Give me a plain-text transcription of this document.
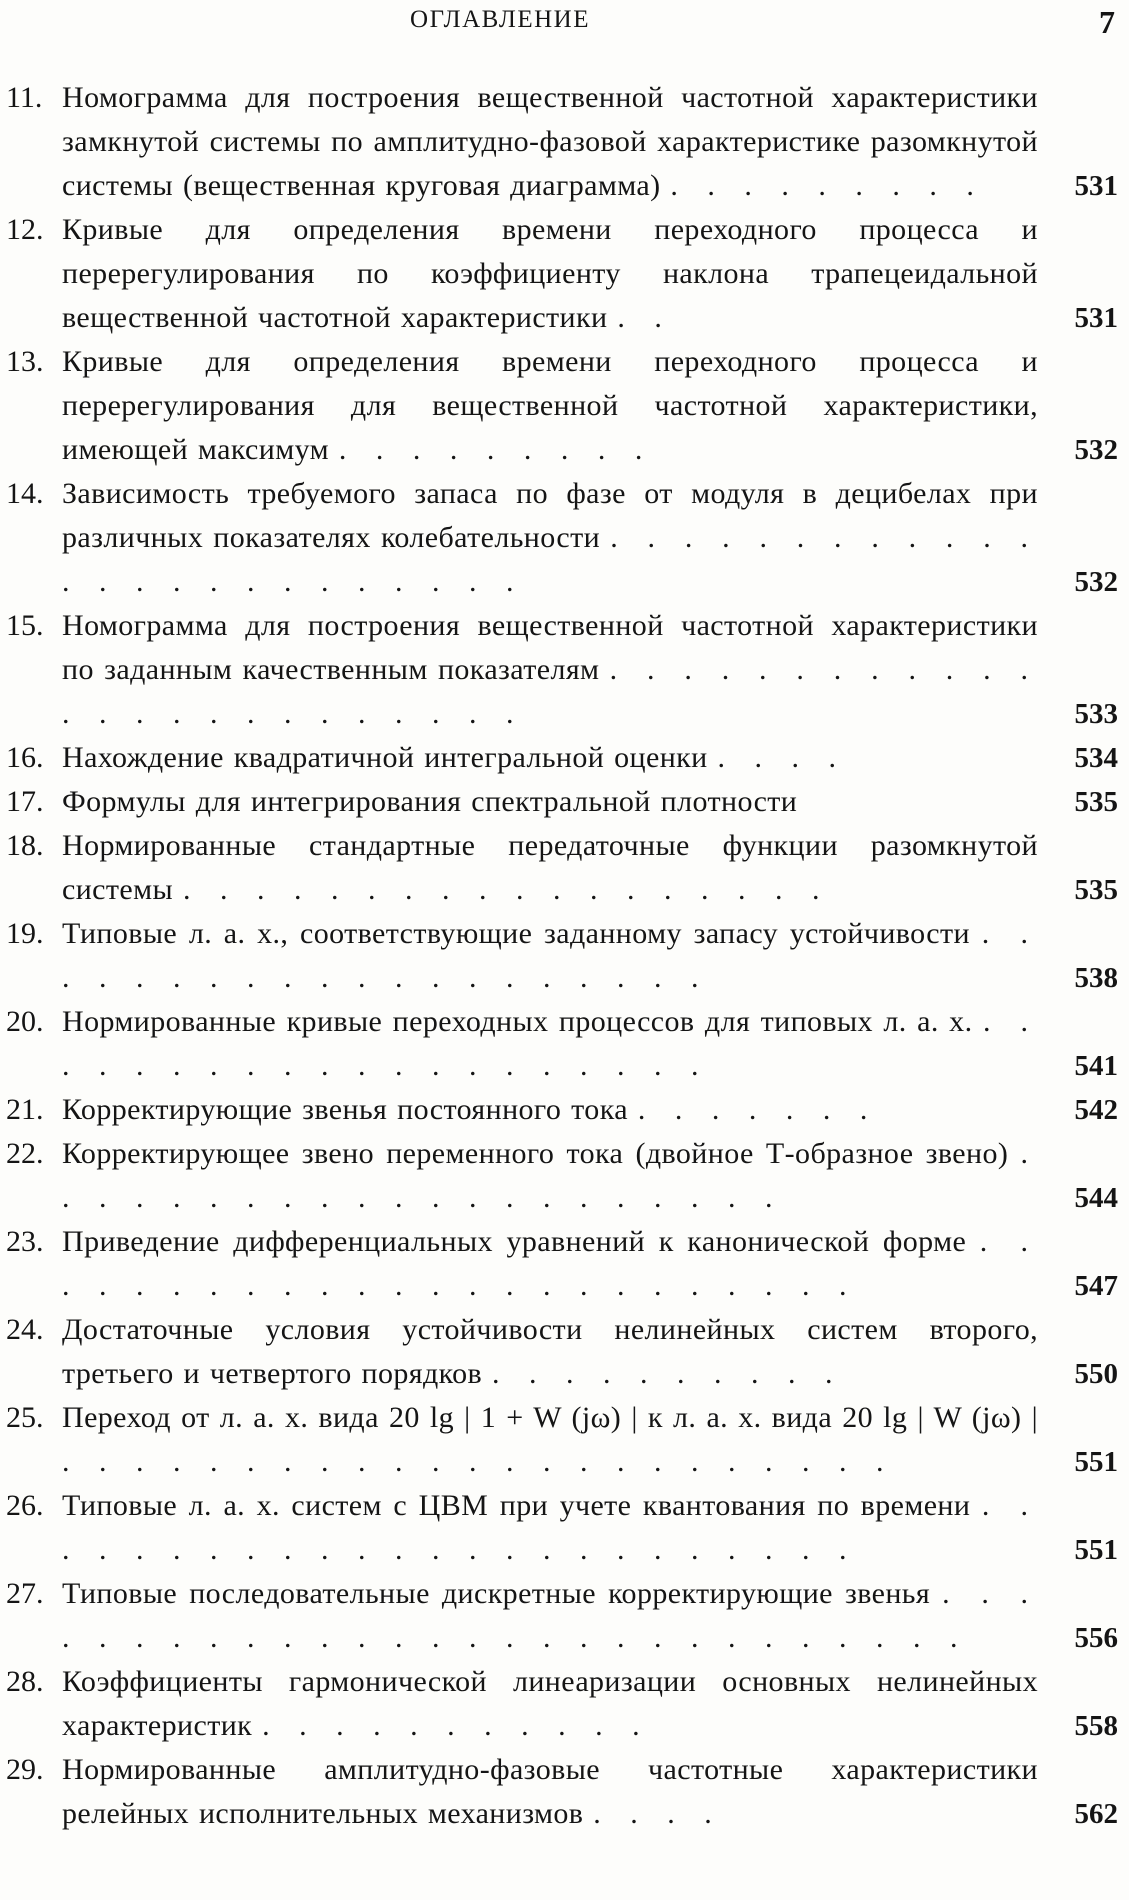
ОГЛАВЛЕНИЕ	7
11. Номограмма для построения вещественной частотной характеристики замкнутой системы по амплитудно-фазовой характеристике разомкнутой системы (вещественная круговая диаграмма) . . . . . . . . .	531
12. Кривые для определения времени переходного процесса и перерегулирования по коэффициенту наклона трапецеидальной вещественной частотной характеристики . .	531
13. Кривые для определения времени переходного процесса и перерегулирования для вещественной частотной характеристики, имеющей максимум . . . . . . . . .	532
14. Зависимость требуемого запаса по фазе от модуля в децибелах при различных показателях колебательности . . . . . . . . . . . . . . . . . . . . . . . . .	532
15. Номограмма для построения вещественной частотной характеристики по заданным качественным показателям . . . . . . . . . . . . . . . . . . . . . . . . .	533
16. Нахождение квадратичной интегральной оценки . . . .	534
17. Формулы для интегрирования спектральной плотности	535
18. Нормированные стандартные передаточные функции разомкнутой системы . . . . . . . . . . . . . . . . . .	535
19. Типовые л. а. х., соответствующие заданному запасу устойчивости . . . . . . . . . . . . . . . . . . . .	538
20. Нормированные кривые переходных процессов для типовых л. а. х. . . . . . . . . . . . . . . . . . . . .	541
21. Корректирующие звенья постоянного тока . . . . . . .	542
22. Корректирующее звено переменного тока (двойное Т-образное звено) . . . . . . . . . . . . . . . . . . . . .	544
23. Приведение дифференциальных уравнений к канонической форме . . . . . . . . . . . . . . . . . . . . . . . .	547
24. Достаточные условия устойчивости нелинейных систем второго, третьего и четвертого порядков . . . . . . . . . .	550
25. Переход от л. а. х. вида 20 lg | 1 + W (jω) | к л. а. х. вида 20 lg | W (jω) | . . . . . . . . . . . . . . . . . . . . . . .	551
26. Типовые л. а. х. систем с ЦВМ при учете квантования по времени . . . . . . . . . . . . . . . . . . . . . . . .	551
27. Типовые последовательные дискретные корректирующие звенья . . . . . . . . . . . . . . . . . . . . . . . . . . . .	556
28. Коэффициенты гармонической линеаризации основных нелинейных характеристик . . . . . . . . . . .	558
29. Нормированные амплитудно-фазовые частотные характеристики релейных исполнительных механизмов . . . .	562
